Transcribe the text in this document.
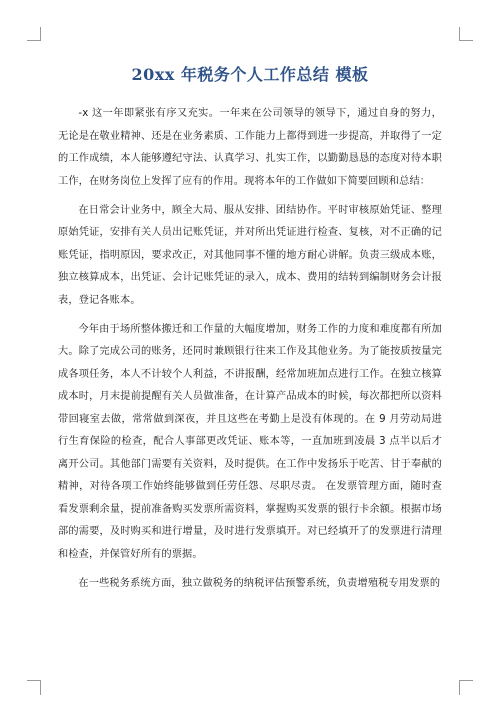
20xx 年税务个人工作总结 模板

-x 这一年即紧张有序又充实。一年来在公司领导的领导下，通过自身的努力，无论是在敬业精神、还是在业务素质、工作能力上都得到进一步提高，并取得了一定的工作成绩，本人能够遵纪守法、认真学习、扎实工作，以勤勤恳恳的态度对待本职工作，在财务岗位上发挥了应有的作用。现将本年的工作做如下简要回顾和总结：

在日常会计业务中，顾全大局、服从安排、团结协作。平时审核原始凭证、整理原始凭证，安排有关人员出记账凭证，并对所出凭证进行检查、复核，对不正确的记账凭证，指明原因，要求改正，对其他同事不懂的地方耐心讲解。负责三级成本账，独立核算成本，出凭证、会计记账凭证的录入，成本、费用的结转到编制财务会计报表，登记各账本。

今年由于场所整体搬迁和工作量的大幅度增加，财务工作的力度和难度都有所加大。除了完成公司的账务，还同时兼顾银行往来工作及其他业务。为了能按质按量完成各项任务，本人不计较个人利益，不讲报酬，经常加班加点进行工作。在独立核算成本时，月末提前提醒有关人员做准备，在计算产品成本的时候，每次都把所以资料带回寝室去做，常常做到深夜，并且这些在考勤上是没有体现的。在 9 月劳动局进行生育保险的检查，配合人事部更改凭证、账本等，一直加班到凌晨 3 点半以后才离开公司。其他部门需要有关资料，及时提供。在工作中发扬乐于吃苦、甘于奉献的精神，对待各项工作始终能够做到任劳任怨、尽职尽责。 在发票管理方面，随时查看发票剩余量，提前准备购买发票所需资料，掌握购买发票的银行卡余额。根据市场部的需要，及时购买和进行增量，及时进行发票填开。对已经填开了的发票进行清理和检查，并保管好所有的票据。

在一些税务系统方面，独立做税务的纳税评估预警系统，负责增殖税专用发票的
